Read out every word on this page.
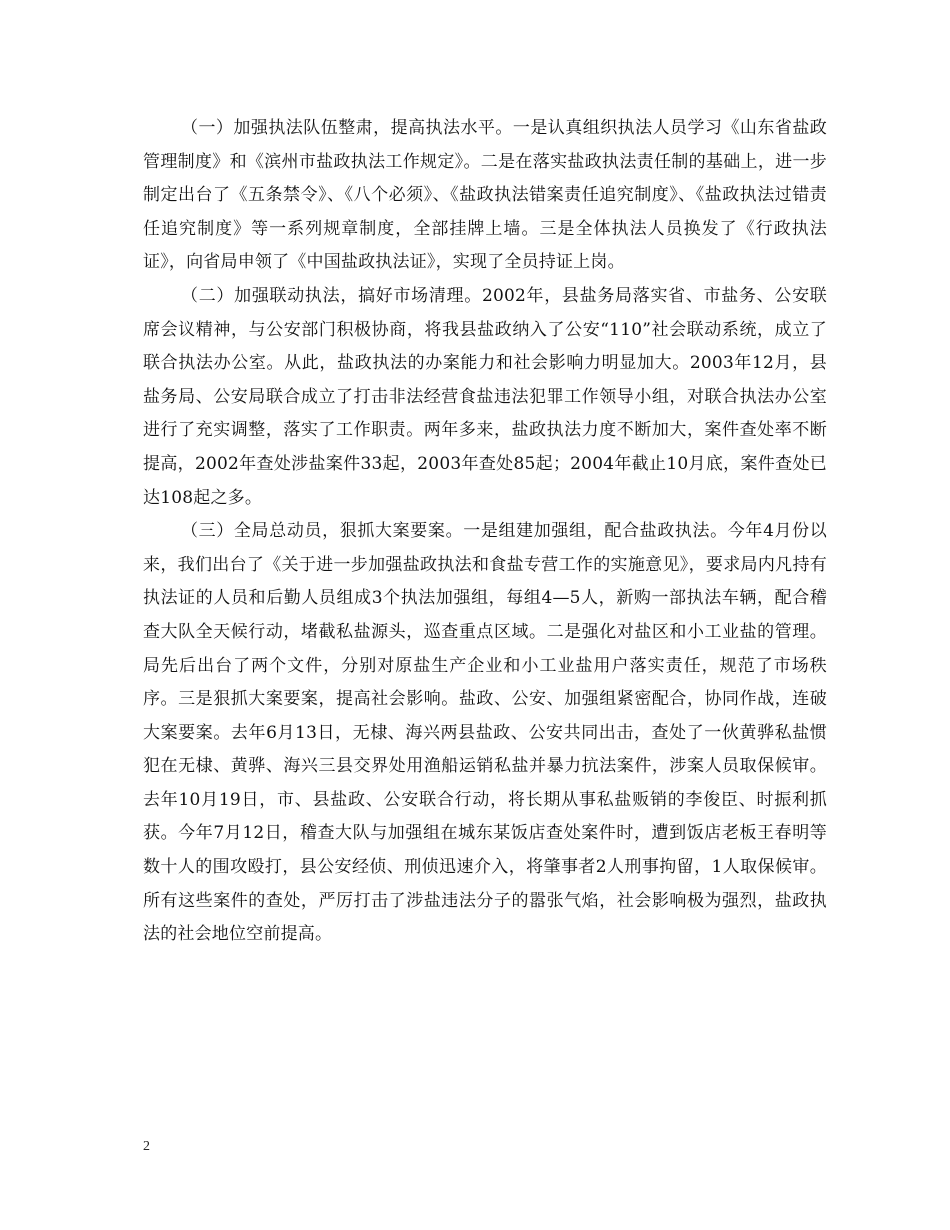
（一）加强执法队伍整肃，提高执法水平。一是认真组织执法人员学习《山东省盐政管理制度》和《滨州市盐政执法工作规定》。二是在落实盐政执法责任制的基础上，进一步制定出台了《五条禁令》、《八个必须》、《盐政执法错案责任追究制度》、《盐政执法过错责任追究制度》等一系列规章制度，全部挂牌上墙。三是全体执法人员换发了《行政执法证》，向省局申领了《中国盐政执法证》，实现了全员持证上岗。

（二）加强联动执法，搞好市场清理。2002年，县盐务局落实省、市盐务、公安联席会议精神，与公安部门积极协商，将我县盐政纳入了公安“110”社会联动系统，成立了联合执法办公室。从此，盐政执法的办案能力和社会影响力明显加大。2003年12月，县盐务局、公安局联合成立了打击非法经营食盐违法犯罪工作领导小组，对联合执法办公室进行了充实调整，落实了工作职责。两年多来，盐政执法力度不断加大，案件查处率不断提高，2002年查处涉盐案件33起，2003年查处85起；2004年截止10月底，案件查处已达108起之多。

（三）全局总动员，狠抓大案要案。一是组建加强组，配合盐政执法。今年4月份以来，我们出台了《关于进一步加强盐政执法和食盐专营工作的实施意见》，要求局内凡持有执法证的人员和后勤人员组成3个执法加强组，每组4—5人，新购一部执法车辆，配合稽查大队全天候行动，堵截私盐源头，巡查重点区域。二是强化对盐区和小工业盐的管理。局先后出台了两个文件，分别对原盐生产企业和小工业盐用户落实责任，规范了市场秩序。三是狠抓大案要案，提高社会影响。盐政、公安、加强组紧密配合，协同作战，连破大案要案。去年6月13日，无棣、海兴两县盐政、公安共同出击，查处了一伙黄骅私盐惯犯在无棣、黄骅、海兴三县交界处用渔船运销私盐并暴力抗法案件，涉案人员取保候审。去年10月19日，市、县盐政、公安联合行动，将长期从事私盐贩销的李俊臣、时振利抓获。今年7月12日，稽查大队与加强组在城东某饭店查处案件时，遭到饭店老板王春明等数十人的围攻殴打，县公安经侦、刑侦迅速介入，将肇事者2人刑事拘留，1人取保候审。所有这些案件的查处，严厉打击了涉盐违法分子的嚣张气焰，社会影响极为强烈，盐政执法的社会地位空前提高。

2
